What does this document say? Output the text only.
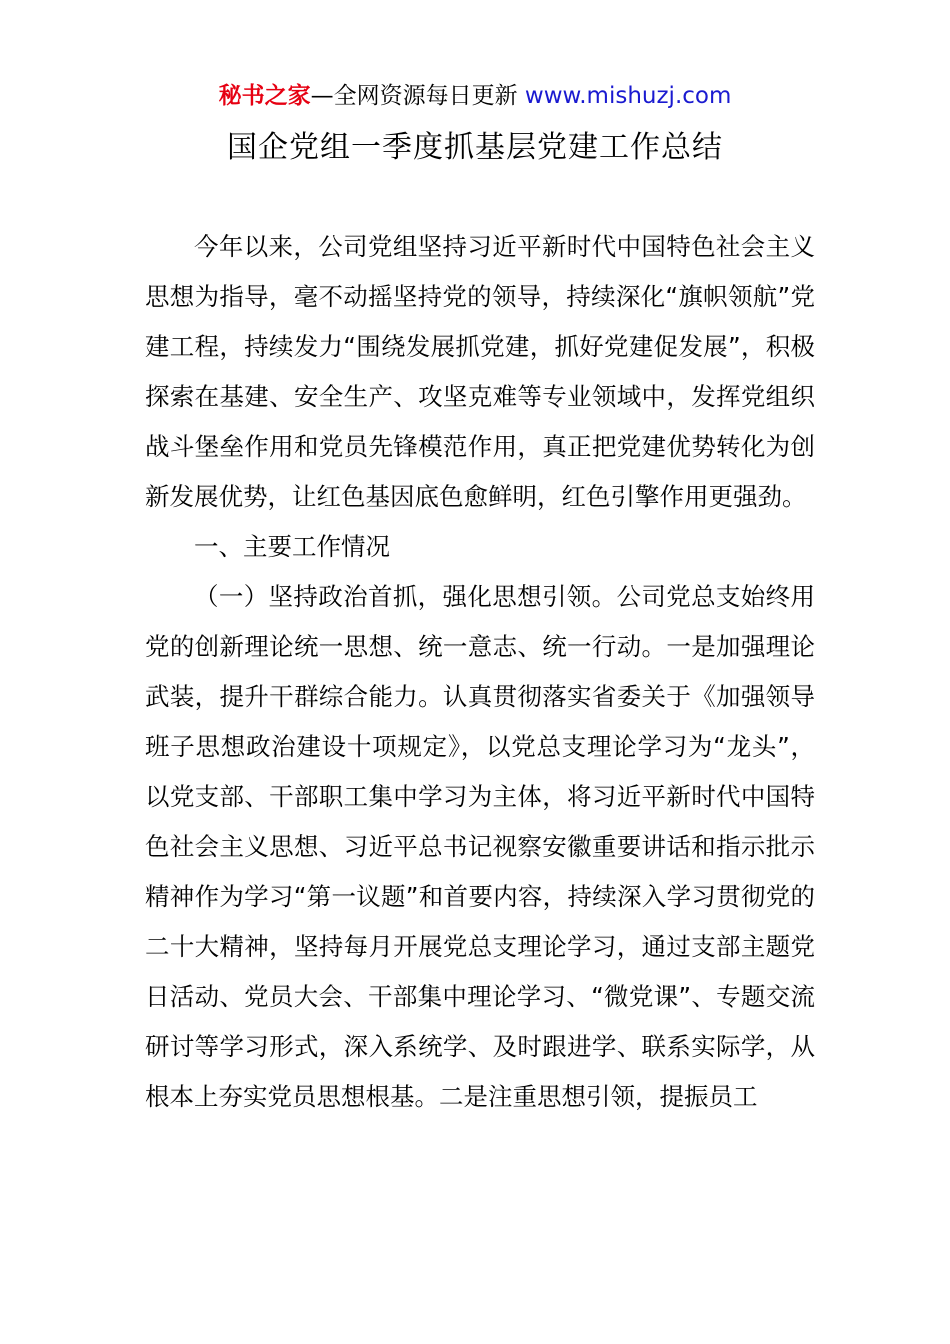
秘书之家—全网资源每日更新 www.mishuzj.com
国企党组一季度抓基层党建工作总结

今年以来，公司党组坚持习近平新时代中国特色社会主义思想为指导，毫不动摇坚持党的领导，持续深化“旗帜领航”党建工程，持续发力“围绕发展抓党建，抓好党建促发展”，积极探索在基建、安全生产、攻坚克难等专业领域中，发挥党组织战斗堡垒作用和党员先锋模范作用，真正把党建优势转化为创新发展优势，让红色基因底色愈鲜明，红色引擎作用更强劲。

一、主要工作情况

（一）坚持政治首抓，强化思想引领。公司党总支始终用党的创新理论统一思想、统一意志、统一行动。一是加强理论武装，提升干群综合能力。认真贯彻落实省委关于《加强领导班子思想政治建设十项规定》，以党总支理论学习为“龙头”，以党支部、干部职工集中学习为主体，将习近平新时代中国特色社会主义思想、习近平总书记视察安徽重要讲话和指示批示精神作为学习“第一议题”和首要内容，持续深入学习贯彻党的二十大精神，坚持每月开展党总支理论学习，通过支部主题党日活动、党员大会、干部集中理论学习、“微党课”、专题交流研讨等学习形式，深入系统学、及时跟进学、联系实际学，从根本上夯实党员思想根基。二是注重思想引领，提振员工
